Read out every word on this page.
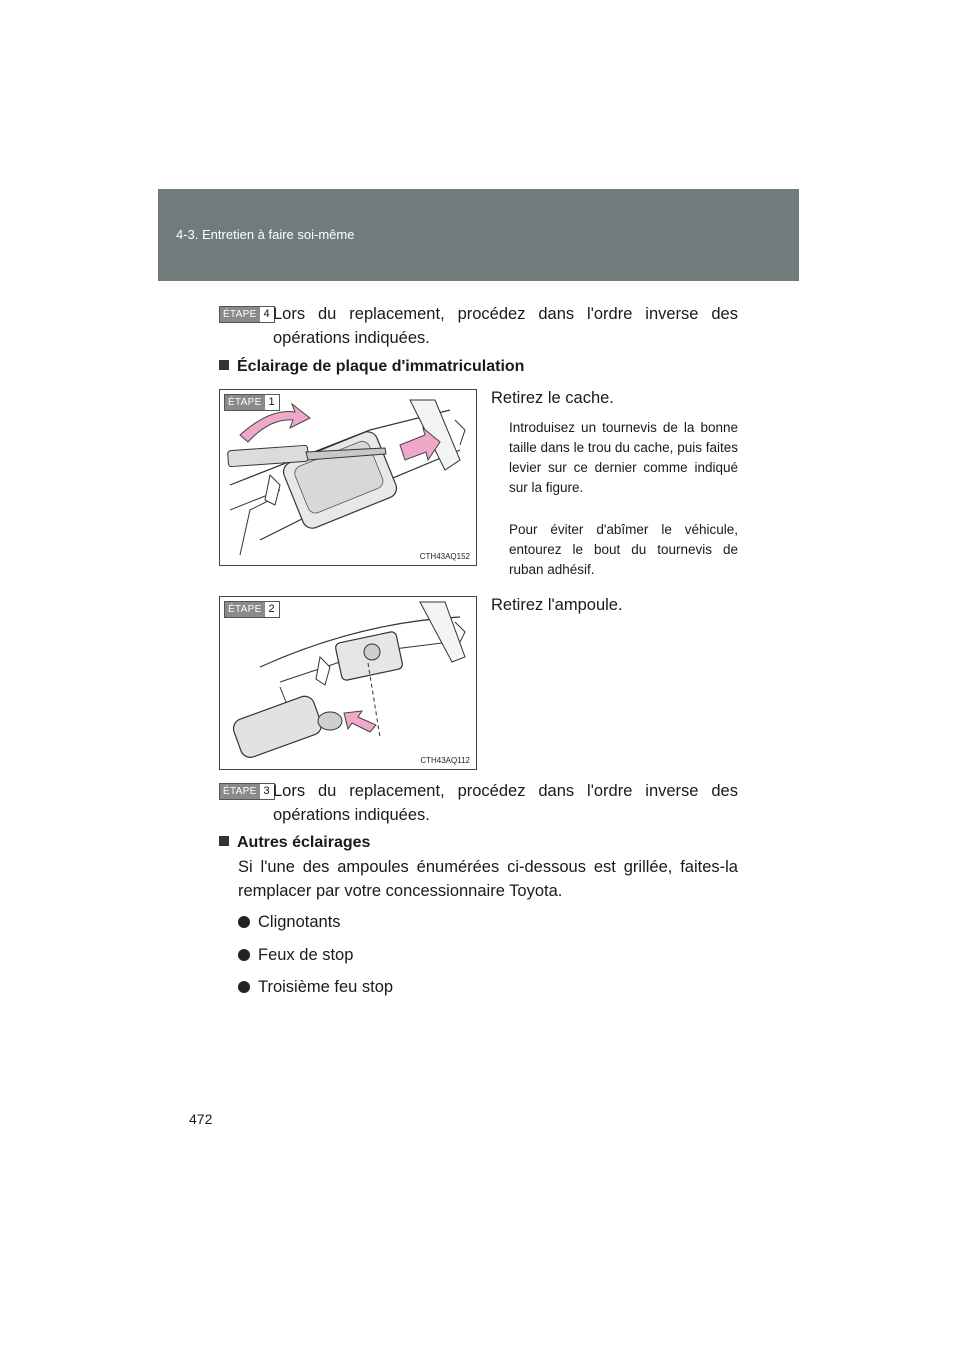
4-3. Entretien à faire soi-même
ÉTAPE 4 Lors du replacement, procédez dans l'ordre inverse des opérations indiquées.
Éclairage de plaque d'immatriculation
ÉTAPE 1
CTH43AQ152
Retirez le cache.
Introduisez un tournevis de la bonne taille dans le trou du cache, puis faites levier sur ce dernier comme indiqué sur la figure.
Pour éviter d'abîmer le véhicule, entourez le bout du tournevis de ruban adhésif.
ÉTAPE 2
CTH43AQ112
Retirez l'ampoule.
ÉTAPE 3 Lors du replacement, procédez dans l'ordre inverse des opérations indiquées.
Autres éclairages
Si l'une des ampoules énumérées ci-dessous est grillée, faites-la remplacer par votre concessionnaire Toyota.
Clignotants
Feux de stop
Troisième feu stop
472
